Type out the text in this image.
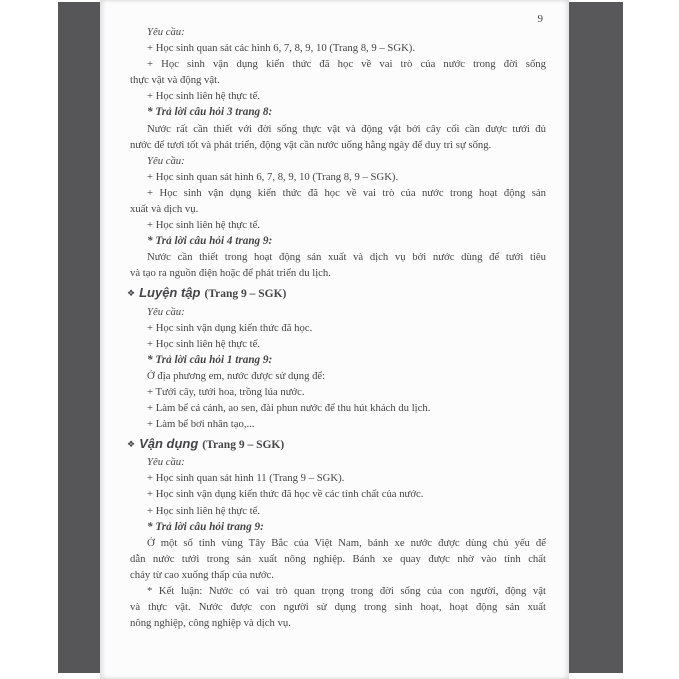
Yêu cầu:
+ Học sinh quan sát các hình 6, 7, 8, 9, 10 (Trang 8, 9 – SGK).
+ Học sinh vận dụng kiến thức đã học về vai trò của nước trong đời sống
thực vật và động vật.
+ Học sinh liên hệ thực tế.
* Trả lời câu hỏi 3 trang 8:
Nước rất cần thiết với đời sống thực vật và động vật bởi cây cối cần được tưới đủ
nước để tươi tốt và phát triển, động vật cần nước uống hằng ngày để duy trì sự sống.
Yêu cầu:
+ Học sinh quan sát hình 6, 7, 8, 9, 10 (Trang 8, 9 – SGK).
+ Học sinh vận dụng kiến thức đã học về vai trò của nước trong hoạt động sản
xuất và dịch vụ.
+ Học sinh liên hệ thực tế.
* Trả lời câu hỏi 4 trang 9:
Nước cần thiết trong hoạt động sản xuất và dịch vụ bởi nước dùng để tưới tiêu
và tạo ra nguồn điện hoặc để phát triển du lịch.
❖ Luyện tập (Trang 9 – SGK)
Yêu cầu:
+ Học sinh vận dụng kiến thức đã học.
+ Học sinh liên hệ thực tế.
* Trả lời câu hỏi 1 trang 9:
Ở địa phương em, nước được sử dụng để:
+ Tưới cây, tưới hoa, trồng lúa nước.
+ Làm bể cá cảnh, ao sen, đài phun nước để thu hút khách du lịch.
+ Làm bể bơi nhân tạo,...
❖ Vận dụng (Trang 9 – SGK)
Yêu cầu:
+ Học sinh quan sát hình 11 (Trang 9 – SGK).
+ Học sinh vận dụng kiến thức đã học về các tính chất của nước.
+ Học sinh liên hệ thực tế.
* Trả lời câu hỏi trang 9:
Ở một số tỉnh vùng Tây Bắc của Việt Nam, bánh xe nước được dùng chủ yếu để
dẫn nước tưới trong sản xuất nông nghiệp. Bánh xe quay được nhờ vào tính chất
chảy từ cao xuống thấp của nước.
* Kết luận: Nước có vai trò quan trọng trong đời sống của con người, động vật
và thực vật. Nước được con người sử dụng trong sinh hoạt, hoạt động sản xuất
nông nghiệp, công nghiệp và dịch vụ.
9
